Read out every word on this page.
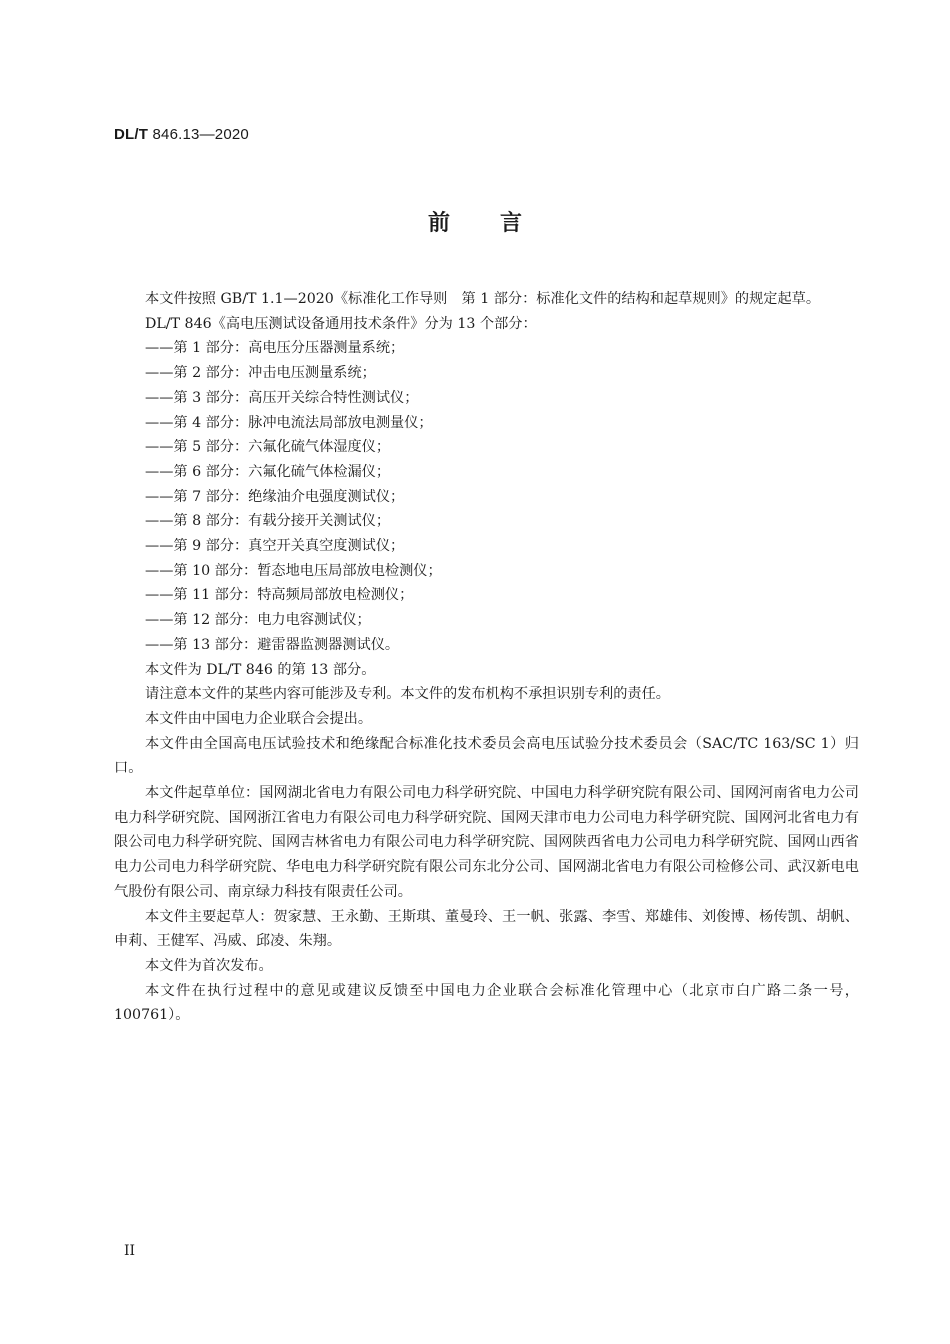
DL/T 846.13—2020
前言

本文件按照 GB/T 1.1—2020《标准化工作导则　第 1 部分：标准化文件的结构和起草规则》的规定起草。

DL/T 846《高电压测试设备通用技术条件》分为 13 个部分：

——第 1 部分：高电压分压器测量系统；

——第 2 部分：冲击电压测量系统；

——第 3 部分：高压开关综合特性测试仪；

——第 4 部分：脉冲电流法局部放电测量仪；

——第 5 部分：六氟化硫气体湿度仪；

——第 6 部分：六氟化硫气体检漏仪；

——第 7 部分：绝缘油介电强度测试仪；

——第 8 部分：有载分接开关测试仪；

——第 9 部分：真空开关真空度测试仪；

——第 10 部分：暂态地电压局部放电检测仪；

——第 11 部分：特高频局部放电检测仪；

——第 12 部分：电力电容测试仪；

——第 13 部分：避雷器监测器测试仪。

本文件为 DL/T 846 的第 13 部分。

请注意本文件的某些内容可能涉及专利。本文件的发布机构不承担识别专利的责任。

本文件由中国电力企业联合会提出。

本文件由全国高电压试验技术和绝缘配合标准化技术委员会高电压试验分技术委员会（SAC/TC 163/SC 1）归口。

本文件起草单位：国网湖北省电力有限公司电力科学研究院、中国电力科学研究院有限公司、国网河南省电力公司电力科学研究院、国网浙江省电力有限公司电力科学研究院、国网天津市电力公司电力科学研究院、国网河北省电力有限公司电力科学研究院、国网吉林省电力有限公司电力科学研究院、国网陕西省电力公司电力科学研究院、国网山西省电力公司电力科学研究院、华电电力科学研究院有限公司东北分公司、国网湖北省电力有限公司检修公司、武汉新电电气股份有限公司、南京绿力科技有限责任公司。

本文件主要起草人：贺家慧、王永勤、王斯琪、董曼玲、王一帆、张露、李雪、郑雄伟、刘俊博、杨传凯、胡帆、申莉、王健军、冯威、邱凌、朱翔。

本文件为首次发布。

本文件在执行过程中的意见或建议反馈至中国电力企业联合会标准化管理中心（北京市白广路二条一号，100761）。

II
